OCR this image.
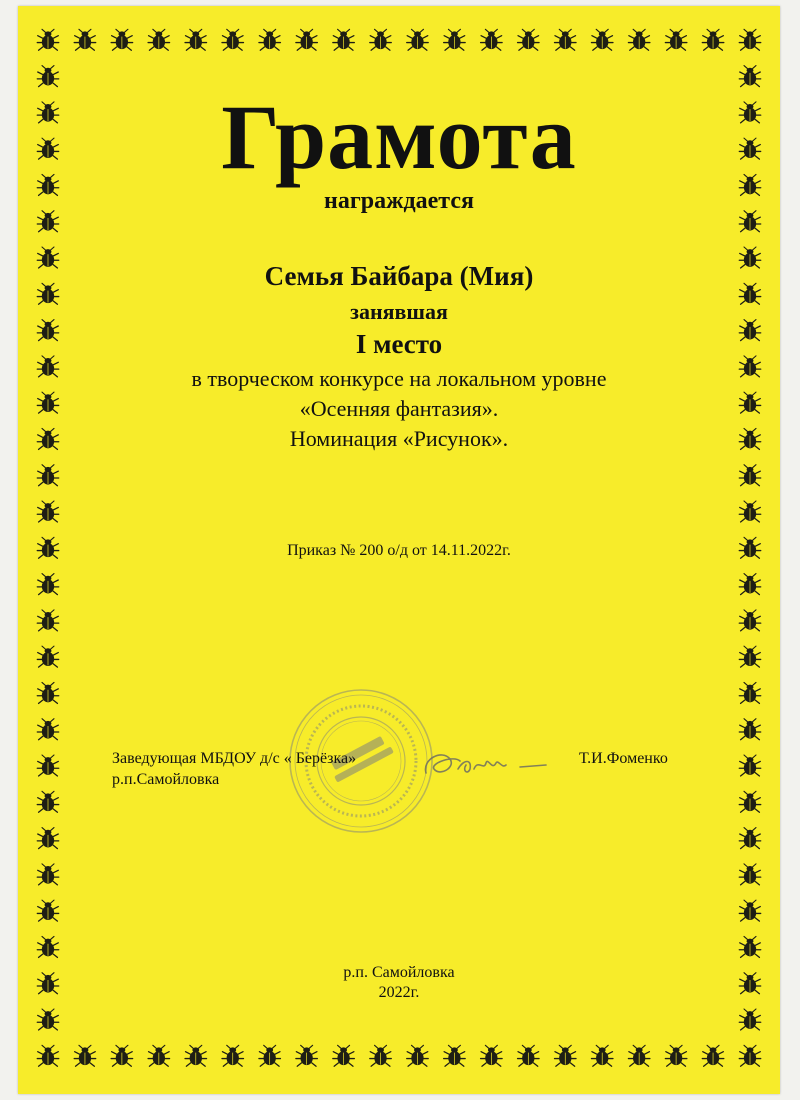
Грамота
награждается
Семья Байбара (Мия)
занявшая
I место
в творческом конкурсе на локальном уровне
«Осенняя фантазия».
Номинация «Рисунок».
Приказ № 200 о/д от 14.11.2022г.
Заведующая МБДОУ д/с « Берёзка»
р.п.Самойловка
Т.И.Фоменко
р.п. Самойловка
2022г.
